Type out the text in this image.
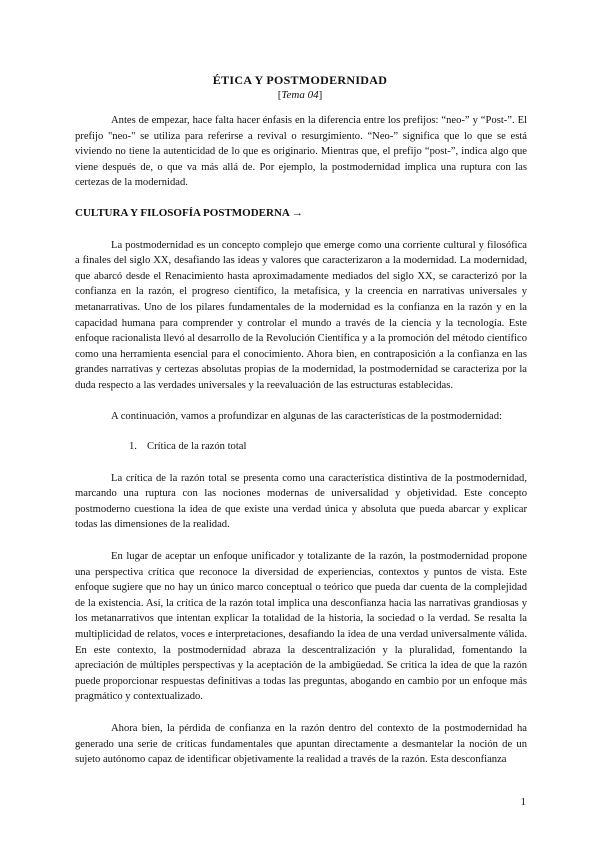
ÉTICA Y POSTMODERNIDAD
[Tema 04]

Antes de empezar, hace falta hacer énfasis en la diferencia entre los prefijos: “neo-” y “Post-”. El prefijo "neo-" se utiliza para referirse a revival o resurgimiento. “Neo-” significa que lo que se está viviendo no tiene la autenticidad de lo que es originario. Mientras que, el prefijo “post-”, indica algo que viene después de, o que va más allá de. Por ejemplo, la postmodernidad implica una ruptura con las certezas de la modernidad.

CULTURA Y FILOSOFÍA POSTMODERNA →

La postmodernidad es un concepto complejo que emerge como una corriente cultural y filosófica a finales del siglo XX, desafiando las ideas y valores que caracterizaron a la modernidad. La modernidad, que abarcó desde el Renacimiento hasta aproximadamente mediados del siglo XX, se caracterizó por la confianza en la razón, el progreso científico, la metafísica, y la creencia en narrativas universales y metanarrativas. Uno de los pilares fundamentales de la modernidad es la confianza en la razón y en la capacidad humana para comprender y controlar el mundo a través de la ciencia y la tecnología. Este enfoque racionalista llevó al desarrollo de la Revolución Científica y a la promoción del método científico como una herramienta esencial para el conocimiento. Ahora bien, en contraposición a la confianza en las grandes narrativas y certezas absolutas propias de la modernidad, la postmodernidad se caracteriza por la duda respecto a las verdades universales y la reevaluación de las estructuras establecidas.

A continuación, vamos a profundizar en algunas de las características de la postmodernidad:

1. Crítica de la razón total

La crítica de la razón total se presenta como una característica distintiva de la postmodernidad, marcando una ruptura con las nociones modernas de universalidad y objetividad. Este concepto postmoderno cuestiona la idea de que existe una verdad única y absoluta que pueda abarcar y explicar todas las dimensiones de la realidad.

En lugar de aceptar un enfoque unificador y totalizante de la razón, la postmodernidad propone una perspectiva crítica que reconoce la diversidad de experiencias, contextos y puntos de vista. Este enfoque sugiere que no hay un único marco conceptual o teórico que pueda dar cuenta de la complejidad de la existencia. Así, la crítica de la razón total implica una desconfianza hacia las narrativas grandiosas y los metanarrativos que intentan explicar la totalidad de la historia, la sociedad o la verdad. Se resalta la multiplicidad de relatos, voces e interpretaciones, desafiando la idea de una verdad universalmente válida. En este contexto, la postmodernidad abraza la descentralización y la pluralidad, fomentando la apreciación de múltiples perspectivas y la aceptación de la ambigüedad. Se critica la idea de que la razón puede proporcionar respuestas definitivas a todas las preguntas, abogando en cambio por un enfoque más pragmático y contextualizado.

Ahora bien, la pérdida de confianza en la razón dentro del contexto de la postmodernidad ha generado una serie de críticas fundamentales que apuntan directamente a desmantelar la noción de un sujeto autónomo capaz de identificar objetivamente la realidad a través de la razón. Esta desconfianza

1
